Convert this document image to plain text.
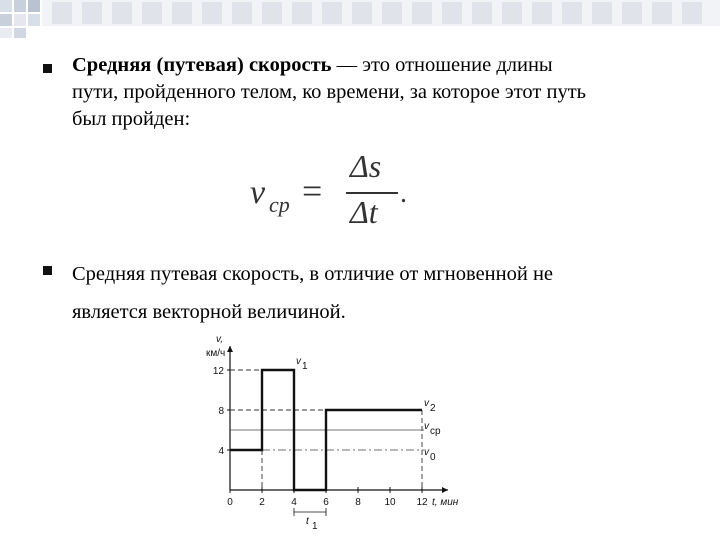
Средняя (путевая) скорость — это отношение длины
пути, пройденного телом, ко времени, за которое этот путь
был пройден:
v cp =
Δs
Δt
.
Средняя путевая скорость, в отличие от мгновенной не
является векторной величиной.
0	2	4	6	8 10 12
12
8
4
v,
км/ч
t, мин
v 1
v 2
v cp
v 0
t 1
